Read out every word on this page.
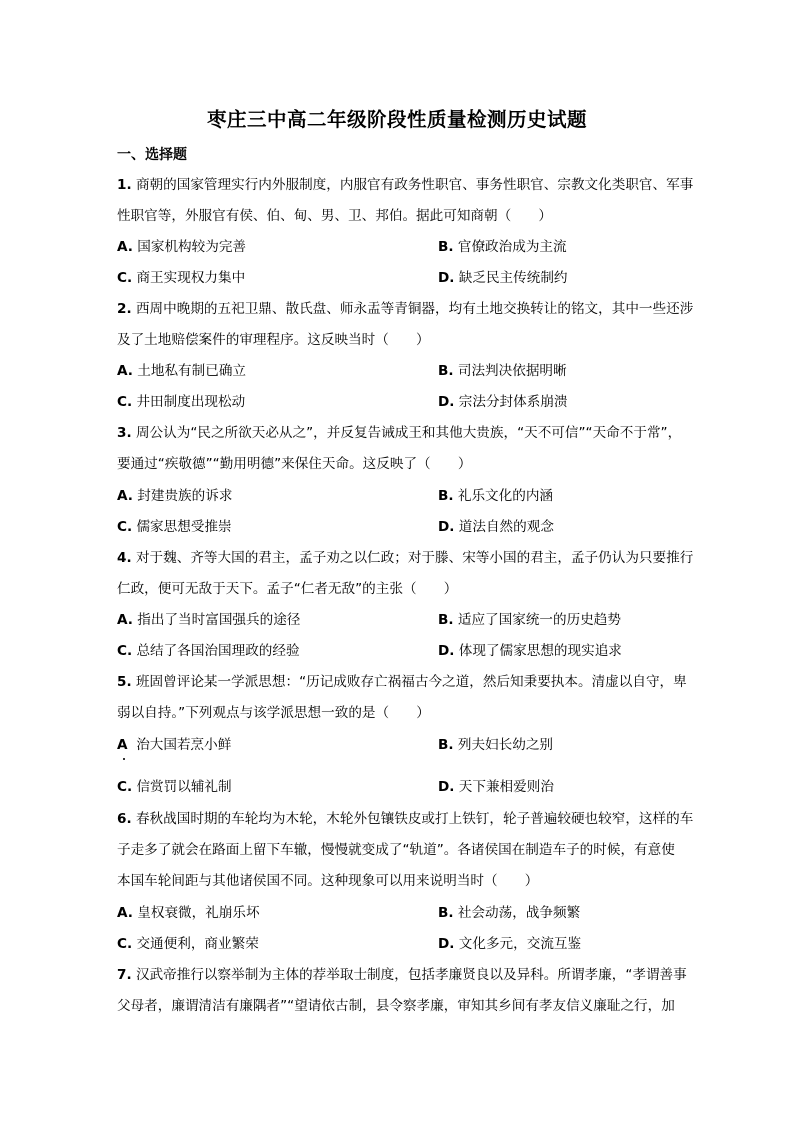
枣庄三中高二年级阶段性质量检测历史试题
一、选择题

1. 商朝的国家管理实行内外服制度，内服官有政务性职官、事务性职官、宗教文化类职官、军事

性职官等，外服官有侯、伯、甸、男、卫、邦伯。据此可知商朝（　　）

A. 国家机构较为完善	B. 官僚政治成为主流
C. 商王实现权力集中	D. 缺乏民主传统制约

2. 西周中晚期的五祀卫鼎、散氏盘、师永盂等青铜器，均有土地交换转让的铭文，其中一些还涉

及了土地赔偿案件的审理程序。这反映当时（　　）

A. 土地私有制已确立	B. 司法判决依据明晰
C. 井田制度出现松动	D. 宗法分封体系崩溃

3. 周公认为“民之所欲天必从之”，并反复告诫成王和其他大贵族，“天不可信”“天命不于常”，

要通过“疾敬德”“勤用明德”来保住天命。这反映了（　　）

A. 封建贵族的诉求	B. 礼乐文化的内涵
C. 儒家思想受推崇	D. 道法自然的观念

4. 对于魏、齐等大国的君主，孟子劝之以仁政；对于滕、宋等小国的君主，孟子仍认为只要推行

仁政，便可无敌于天下。孟子“仁者无敌”的主张（　　）

A. 指出了当时富国强兵的途径	B. 适应了国家统一的历史趋势
C. 总结了各国治国理政的经验	D. 体现了儒家思想的现实追求

5. 班固曾评论某一学派思想：“历记成败存亡祸福古今之道，然后知秉要执本。清虚以自守，卑

弱以自持。”下列观点与该学派思想一致的是（　　）

A 治大国若烹小鲜	B. 列夫妇长幼之别
C. 信赏罚以辅礼制	D. 天下兼相爱则治

6. 春秋战国时期的车轮均为木轮，木轮外包镶铁皮或打上铁钉，轮子普遍较硬也较窄，这样的车

子走多了就会在路面上留下车辙，慢慢就变成了“轨道”。各诸侯国在制造车子的时候，有意使

本国车轮间距与其他诸侯国不同。这种现象可以用来说明当时（　　）

A. 皇权衰微，礼崩乐坏	B. 社会动荡，战争频繁
C. 交通便利，商业繁荣	D. 文化多元，交流互鉴

7. 汉武帝推行以察举制为主体的荐举取士制度，包括孝廉贤良以及异科。所谓孝廉，“孝谓善事

父母者，廉谓清洁有廉隅者”“望请依古制，县令察孝廉，审知其乡间有孝友信义廉耻之行，加
